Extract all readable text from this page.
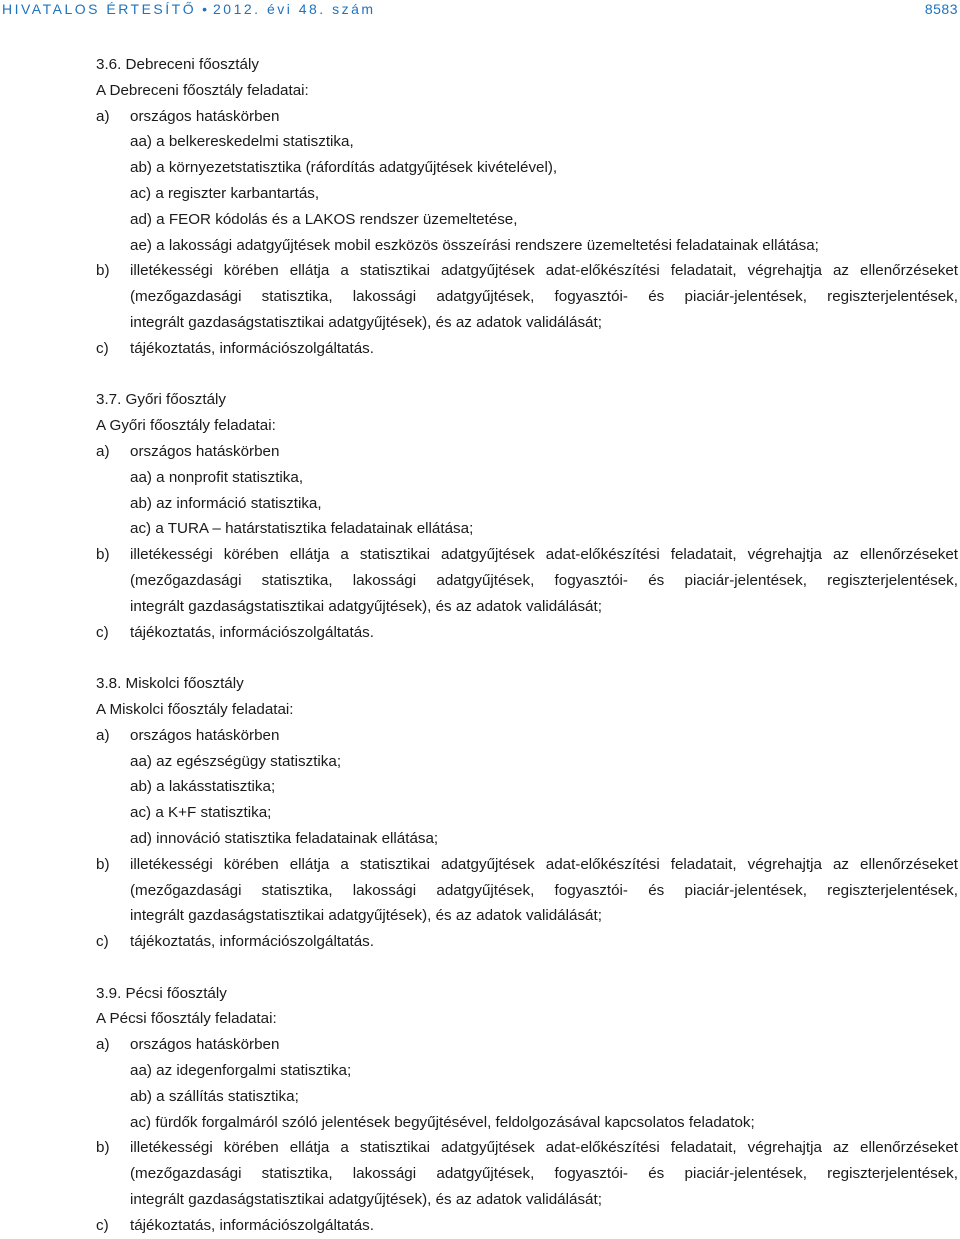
HIVATALOS ÉRTESÍTŐ • 2012. évi 48. szám	8583
3.6. Debreceni főosztály
A Debreceni főosztály feladatai:
a)	országos hatáskörben
aa) a belkereskedelmi statisztika,
ab) a környezetstatisztika (ráfordítás adatgyűjtések kivételével),
ac) a regiszter karbantartás,
ad) a FEOR kódolás és a LAKOS rendszer üzemeltetése,
ae) a lakossági adatgyűjtések mobil eszközös összeírási rendszere üzemeltetési feladatainak ellátása;
b)	illetékességi körében ellátja a statisztikai adatgyűjtések adat-előkészítési feladatait, végrehajtja az ellenőrzéseket
(mezőgazdasági statisztika, lakossági adatgyűjtések, fogyasztói- és piaciár-jelentések, regiszterjelentések,
integrált gazdaságstatisztikai adatgyűjtések), és az adatok validálását;
c)	tájékoztatás, információszolgáltatás.
3.7. Győri főosztály
A Győri főosztály feladatai:
a)	országos hatáskörben
aa) a nonprofit statisztika,
ab) az információ statisztika,
ac) a TURA – határstatisztika feladatainak ellátása;
b)	illetékességi körében ellátja a statisztikai adatgyűjtések adat-előkészítési feladatait, végrehajtja az ellenőrzéseket
(mezőgazdasági statisztika, lakossági adatgyűjtések, fogyasztói- és piaciár-jelentések, regiszterjelentések,
integrált gazdaságstatisztikai adatgyűjtések), és az adatok validálását;
c)	tájékoztatás, információszolgáltatás.
3.8. Miskolci főosztály
A Miskolci főosztály feladatai:
a)	országos hatáskörben
aa) az egészségügy statisztika;
ab) a lakásstatisztika;
ac) a K+F statisztika;
ad) innováció statisztika feladatainak ellátása;
b)	illetékességi körében ellátja a statisztikai adatgyűjtések adat-előkészítési feladatait, végrehajtja az ellenőrzéseket
(mezőgazdasági statisztika, lakossági adatgyűjtések, fogyasztói- és piaciár-jelentések, regiszterjelentések,
integrált gazdaságstatisztikai adatgyűjtések), és az adatok validálását;
c)	tájékoztatás, információszolgáltatás.
3.9. Pécsi főosztály
A Pécsi főosztály feladatai:
a)	országos hatáskörben
aa) az idegenforgalmi statisztika;
ab) a szállítás statisztika;
ac) fürdők forgalmáról szóló jelentések begyűjtésével, feldolgozásával kapcsolatos feladatok;
b)	illetékességi körében ellátja a statisztikai adatgyűjtések adat-előkészítési feladatait, végrehajtja az ellenőrzéseket
(mezőgazdasági statisztika, lakossági adatgyűjtések, fogyasztói- és piaciár-jelentések, regiszterjelentések,
integrált gazdaságstatisztikai adatgyűjtések), és az adatok validálását;
c)	tájékoztatás, információszolgáltatás.
